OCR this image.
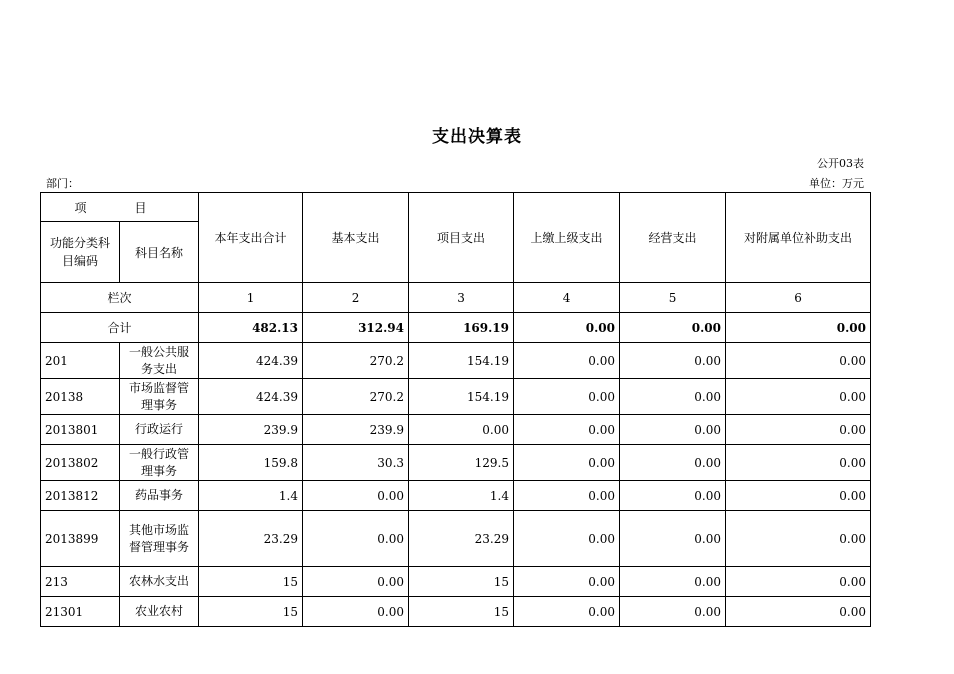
支出决算表
公开03表
部门：	单位：万元
项　目		本年支出合计	基本支出	项目支出	上缴上级支出	经营支出	对附属单位补助支出
功能分类科目编码	科目名称						
栏次		1	2	3	4	5	6
合计		482.13	312.94	169.19	0.00	0.00	0.00
201	一般公共服务支出	424.39	270.2	154.19	0.00	0.00	0.00
20138	市场监督管理事务	424.39	270.2	154.19	0.00	0.00	0.00
2013801	行政运行	239.9	239.9	0.00	0.00	0.00	0.00
2013802	一般行政管理事务	159.8	30.3	129.5	0.00	0.00	0.00
2013812	药品事务	1.4	0.00	1.4	0.00	0.00	0.00
2013899	其他市场监督管理事务	23.29	0.00	23.29	0.00	0.00	0.00
213	农林水支出	15	0.00	15	0.00	0.00	0.00
21301	农业农村	15	0.00	15	0.00	0.00	0.00
